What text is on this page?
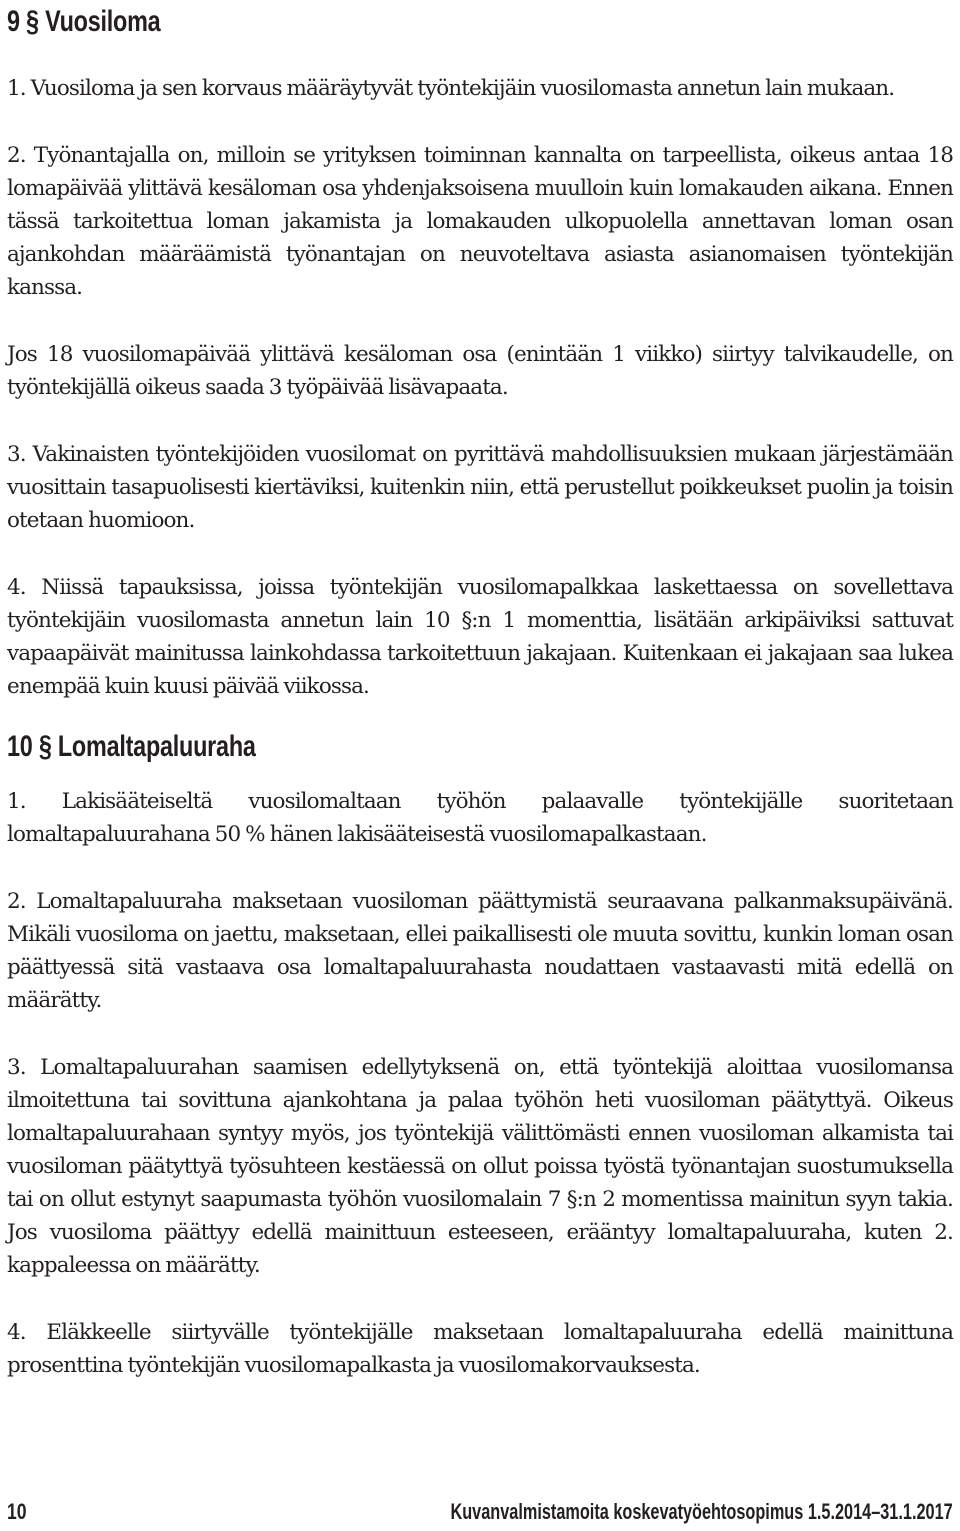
9 § Vuosiloma

1. Vuosiloma ja sen korvaus määräytyvät työntekijäin vuosilomasta annetun lain mukaan.

2. Työnantajalla on, milloin se yrityksen toiminnan kannalta on tarpeellista, oikeus antaa 18 lomapäivää ylittävä kesäloman osa yhdenjaksoisena muulloin kuin lomakauden aikana. Ennen tässä tarkoitettua loman jakamista ja lomakauden ulkopuolella annettavan loman osan ajankohdan määräämistä työnantajan on neuvoteltava asiasta asianomaisen työntekijän kanssa.

Jos 18 vuosilomapäivää ylittävä kesäloman osa (enintään 1 viikko) siirtyy talvikaudelle, on työntekijällä oikeus saada 3 työpäivää lisävapaata.

3. Vakinaisten työntekijöiden vuosilomat on pyrittävä mahdollisuuksien mukaan järjestämään vuosittain tasapuolisesti kiertäviksi, kuitenkin niin, että perustellut poikkeukset puolin ja toisin otetaan huomioon.

4. Niissä tapauksissa, joissa työntekijän vuosilomapalkkaa laskettaessa on sovellettava työntekijäin vuosilomasta annetun lain 10 §:n 1 momenttia, lisätään arkipäiviksi sattuvat vapaapäivät mainitussa lainkohdassa tarkoitettuun jakajaan. Kuitenkaan ei jakajaan saa lukea enempää kuin kuusi päivää viikossa.

10 § Lomaltapaluuraha

1. Lakisääteiseltä vuosilomaltaan työhön palaavalle työntekijälle suoritetaan lomaltapaluurahana 50 % hänen lakisääteisestä vuosilomapalkastaan.

2. Lomaltapaluuraha maksetaan vuosiloman päättymistä seuraavana palkanmaksupäivänä. Mikäli vuosiloma on jaettu, maksetaan, ellei paikallisesti ole muuta sovittu, kunkin loman osan päättyessä sitä vastaava osa lomaltapaluurahasta noudattaen vastaavasti mitä edellä on määrätty.

3. Lomaltapaluurahan saamisen edellytyksenä on, että työntekijä aloittaa vuosilomansa ilmoitettuna tai sovittuna ajankohtana ja palaa työhön heti vuosiloman päätyttyä. Oikeus lomaltapaluurahaan syntyy myös, jos työntekijä välittömästi ennen vuosiloman alkamista tai vuosiloman päätyttyä työsuhteen kestäessä on ollut poissa työstä työnantajan suostumuksella tai on ollut estynyt saapumasta työhön vuosilomalain 7 §:n 2 momentissa mainitun syyn takia. Jos vuosiloma päättyy edellä mainittuun esteeseen, erääntyy lomaltapaluuraha, kuten 2. kappaleessa on määrätty.

4. Eläkkeelle siirtyvälle työntekijälle maksetaan lomaltapaluuraha edellä mainittuna prosenttina työntekijän vuosilomapalkasta ja vuosilomakorvauksesta.

10	Kuvanvalmistamoita koskevatyöehtosopimus 1.5.2014–31.1.2017
